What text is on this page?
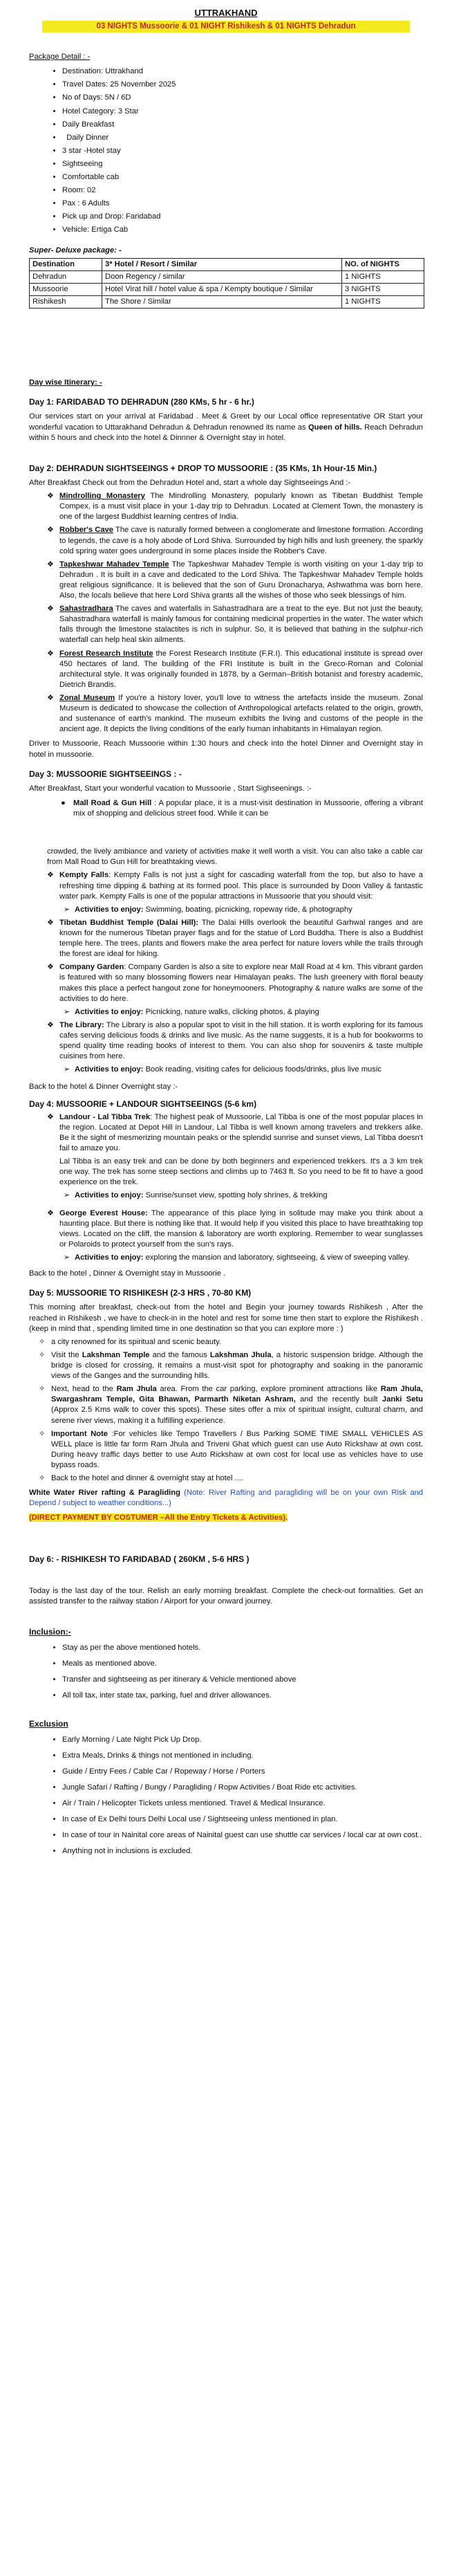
UTTRAKHAND
03 NIGHTS Mussoorie & 01 NIGHT Rishikesh & 01 NIGHTS Dehradun
Package Detail : -
• Destination: Uttrakhand
• Travel Dates: 25 November 2025
• No of Days: 5N / 6D
• Hotel Category: 3 Star
• Daily Breakfast
•   Daily Dinner
• 3 star -Hotel stay
• Sightseeing
• Comfortable cab
• Room: 02
• Pax : 6 Adults
• Pick up and Drop: Faridabad
• Vehicle: Ertiga Cab
Super- Deluxe package: -
Destination	3* Hotel / Resort / Similar	NO. of NIGHTS
Dehradun	Doon Regency / similar	1 NIGHTS
Mussoorie	Hotel Virat hill / hotel value & spa / Kempty boutique / Similar	3 NIGHTS
Rishikesh	The Shore / Similar	1 NIGHTS
Day wise Itinerary: -
Day 1: FARIDABAD TO DEHRADUN (280 KMs, 5 hr - 6 hr.)
Our services start on your arrival at Faridabad . Meet & Greet by our Local office representative OR Start your wonderful vacation to Uttarakhand Dehradun & Dehradun renowned its name as Queen of hills. Reach Dehradun within 5 hours and check into the hotel & Dinnner & Overnight stay in hotel.
Day 2: DEHRADUN SIGHTSEEINGS + DROP TO MUSSOORIE : (35 KMs, 1h Hour-15 Min.)
After Breakfast Check out from the Dehradun Hotel and, start a whole day Sightseeings And :-
❖ Mindrolling Monastery The Mindrolling Monastery, popularly known as Tibetan Buddhist Temple Compex, is a must visit place in your 1-day trip to Dehradun. Located at Clement Town, the monastery is one of the largest Buddhist learning centres of India.
❖ Robber's Cave The cave is naturally formed between a conglomerate and limestone formation. According to legends, the cave is a holy abode of Lord Shiva. Surrounded by high hills and lush greenery, the sparkly cold spring water goes underground in some places inside the Robber's Cave.
❖ Tapkeshwar Mahadev Temple The Tapkeshwar Mahadev Temple is worth visiting on your 1-day trip to Dehradun . It is built in a cave and dedicated to the Lord Shiva. The Tapkeshwar Mahadev Temple holds great religious significance. It is believed that the son of Guru Dronacharya, Ashwathma was born here. Also, the locals believe that here Lord Shiva grants all the wishes of those who seek blessings of him.
❖ Sahastradhara The caves and waterfalls in Sahastradhara are a treat to the eye. But not just the beauty, Sahastradhara waterfall is mainly famous for containing medicinal properties in the water. The water which falls through the limestone stalactites is rich in sulphur. So, it is believed that bathing in the sulphur-rich waterfall can help heal skin ailments.
❖ Forest Research Institute the Forest Research Institute (F.R.I). This educational institute is spread over 450 hectares of land. The building of the FRI Institute is built in the Greco-Roman and Colonial architectural style. It was originally founded in 1878, by a German–British botanist and forestry academic, Dietrich Brandis.
❖ Zonal Museum If you're a history lover, you'll love to witness the artefacts inside the museum. Zonal Museum is dedicated to showcase the collection of Anthropological artefacts related to the origin, growth, and sustenance of earth's mankind. The museum exhibits the living and customs of the people in the ancient age. It depicts the living conditions of the early human inhabitants in Himalayan region.
Driver to Mussoorie, Reach Mussoorie within 1:30 hours and check into the hotel Dinner and Overnight stay in hotel in mussoorie.
Day 3: MUSSOORIE SIGHTSEEINGS : -
After Breakfast, Start your wonderful vacation to Mussoorie , Start Sighseenings. :-
● Mall Road & Gun Hill : A popular place, it is a must-visit destination in Mussoorie, offering a vibrant mix of shopping and delicious street food. While it can be
crowded, the lively ambiance and variety of activities make it well worth a visit. You can also take a cable car from Mall Road to Gun Hill for breathtaking views.
❖ Kempty Falls: Kempty Falls is not just a sight for cascading waterfall from the top, but also to have a refreshing time dipping & bathing at its formed pool. This place is surrounded by Doon Valley & fantastic water park. Kempty Falls is one of the popular attractions in Mussoorie that you should visit:
➢ Activities to enjoy: Swimming, boating, picnicking, ropeway ride, & photography
❖ Tibetan Buddhist Temple (Dalai Hill): The Dalai Hills overlook the beautiful Garhwal ranges and are known for the numerous Tibetan prayer flags and for the statue of Lord Buddha. There is also a Buddhist temple here. The trees, plants and flowers make the area perfect for nature lovers while the trails through the forest are ideal for hiking.
❖ Company Garden: Company Garden is also a site to explore near Mall Road at 4 km. This vibrant garden is featured with so many blossoming flowers near Himalayan peaks. The lush greenery with floral beauty makes this place a perfect hangout zone for honeymooners. Photography & nature walks are some of the activities to do here.
➢ Activities to enjoy: Picnicking, nature walks, clicking photos, & playing
❖ The Library: The Library is also a popular spot to visit in the hill station. It is worth exploring for its famous cafes serving delicious foods & drinks and live music. As the name suggests, it is a hub for bookworms to spend quality time reading books of interest to them. You can also shop for souvenirs & taste multiple cuisines from here.
➢ Activities to enjoy: Book reading, visiting cafes for delicious foods/drinks, plus live music
Back to the hotel & Dinner Overnight stay :-
Day 4: MUSSOORIE + LANDOUR SIGHTSEEINGS (5-6 km)
❖ Landour - Lal Tibba Trek: The highest peak of Mussoorie, Lal Tibba is one of the most popular places in the region. Located at Depot Hill in Landour, Lal Tibba is well known among travelers and trekkers alike. Be it the sight of mesmerizing mountain peaks or the splendid sunrise and sunset views, Lal Tibba doesn't fail to amaze you.
Lal Tibba is an easy trek and can be done by both beginners and experienced trekkers. It's a 3 km trek one way. The trek has some steep sections and climbs up to 7463 ft. So you need to be fit to have a good experience on the trek.
➢ Activities to enjoy: Sunrise/sunset view, spotting holy shrines, & trekking
❖ George Everest House: The appearance of this place lying in solitude may make you think about a haunting place. But there is nothing like that. It would help if you visited this place to have breathtaking top views. Located on the cliff, the mansion & laboratory are worth exploring. Remember to wear sunglasses or Polaroids to protect yourself from the sun's rays.
➢ Activities to enjoy: exploring the mansion and laboratory, sightseeing, & view of sweeping valley.
Back to the hotel , Dinner & Overnight stay in Mussoorie .
Day 5: MUSSOORIE TO RISHIKESH (2-3 HRS , 70-80 KM)
This morning after breakfast, check-out from the hotel and Begin your journey towards Rishikesh , After the reached in Rishikesh , we have to check-in in the hotel and rest for some time then start to explore the Rishikesh . (keep in mind that , spending limited time in one destination so that you can explore more : )
✧ a city renowned for its spiritual and scenic beauty.
✧ Visit the Lakshman Temple and the famous Lakshman Jhula, a historic suspension bridge. Although the bridge is closed for crossing, it remains a must-visit spot for photography and soaking in the panoramic views of the Ganges and the surrounding hills.
✧ Next, head to the Ram Jhula area. From the car parking, explore prominent attractions like Ram Jhula, Swargashram Temple, Gita Bhawan, Parmarth Niketan Ashram, and the recently built Janki Setu (Approx 2.5 Kms walk to cover this spots). These sites offer a mix of spiritual insight, cultural charm, and serene river views, making it a fulfilling experience.
✧ Important Note :For vehicles like Tempo Travellers / Bus Parking SOME TIME SMALL VEHICLES AS WELL place is little far form Ram Jhula and Triveni Ghat which guest can use Auto Rickshaw at own cost. During heavy traffic days better to use Auto Rickshaw at own cost for local use as vehicles have to use bypass roads.
✧ Back to the hotel and dinner & overnight stay at hotel ....
White Water River rafting & Paragliding (Note: River Rafting and paragliding will be on your own Risk and Depend / subject to weather conditions...)
(DIRECT PAYMENT BY COSTUMER –All the Entry Tickets & Activities).
Day 6: - RISHIKESH TO FARIDABAD ( 260KM , 5-6 HRS )
Today is the last day of the tour. Relish an early morning breakfast. Complete the check-out formalities. Get an assisted transfer to the railway station / Airport for your onward journey.
Inclusion:-
• Stay as per the above mentioned hotels.
• Meals as mentioned above.
• Transfer and sightseeing as per itinerary & Vehicle mentioned above
• All toll tax, inter state tax, parking, fuel and driver allowances.
Exclusion
• Early Morning / Late Night Pick Up Drop.
• Extra Meals, Drinks & things not mentioned in including.
• Guide / Entry Fees / Cable Car / Ropeway / Horse / Porters
• Jungle Safari / Rafting / Bungy / Paragliding / Ropw Activities / Boat Ride etc activities.
• Air / Train / Helicopter Tickets unless mentioned. Travel & Medical Insurance.
• In case of Ex Delhi tours Delhi Local use / Sightseeing unless mentioned in plan.
• In case of tour in Nainital core areas of Nainital guest can use shuttle car services / local car at own cost..
• Anything not in inclusions is excluded.
